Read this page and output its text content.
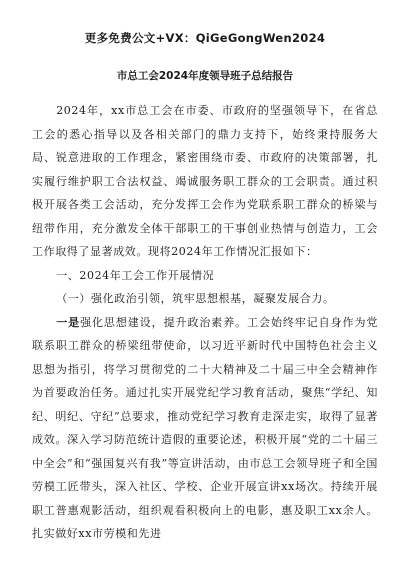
更多免费公文+VX：QiGeGongWen2024
市总工会2024年度领导班子总结报告

2024年，xx市总工会在市委、市政府的坚强领导下，在省总工会的悉心指导以及各相关部门的鼎力支持下，始终秉持服务大局、锐意进取的工作理念，紧密围绕市委、市政府的决策部署，扎实履行维护职工合法权益、竭诚服务职工群众的工会职责。通过积极开展各类工会活动，充分发挥工会作为党联系职工群众的桥梁与纽带作用，充分激发全体干部职工的干事创业热情与创造力，工会工作取得了显著成效。现将2024年工作情况汇报如下：

一、2024年工会工作开展情况

（一）强化政治引领，筑牢思想根基，凝聚发展合力。

一是强化思想建设，提升政治素养。工会始终牢记自身作为党联系职工群众的桥梁纽带使命，以习近平新时代中国特色社会主义思想为指引，将学习贯彻党的二十大精神及二十届三中全会精神作为首要政治任务。通过扎实开展党纪学习教育活动，聚焦“学纪、知纪、明纪、守纪”总要求，推动党纪学习教育走深走实，取得了显著成效。深入学习防范统计造假的重要论述，积极开展“党的二十届三中全会”和“强国复兴有我”等宣讲活动，由市总工会领导班子和全国劳模工匠带头，深入社区、学校、企业开展宣讲xx场次。持续开展职工普惠观影活动，组织观看积极向上的电影，惠及职工xx余人。扎实做好xx市劳模和先进
